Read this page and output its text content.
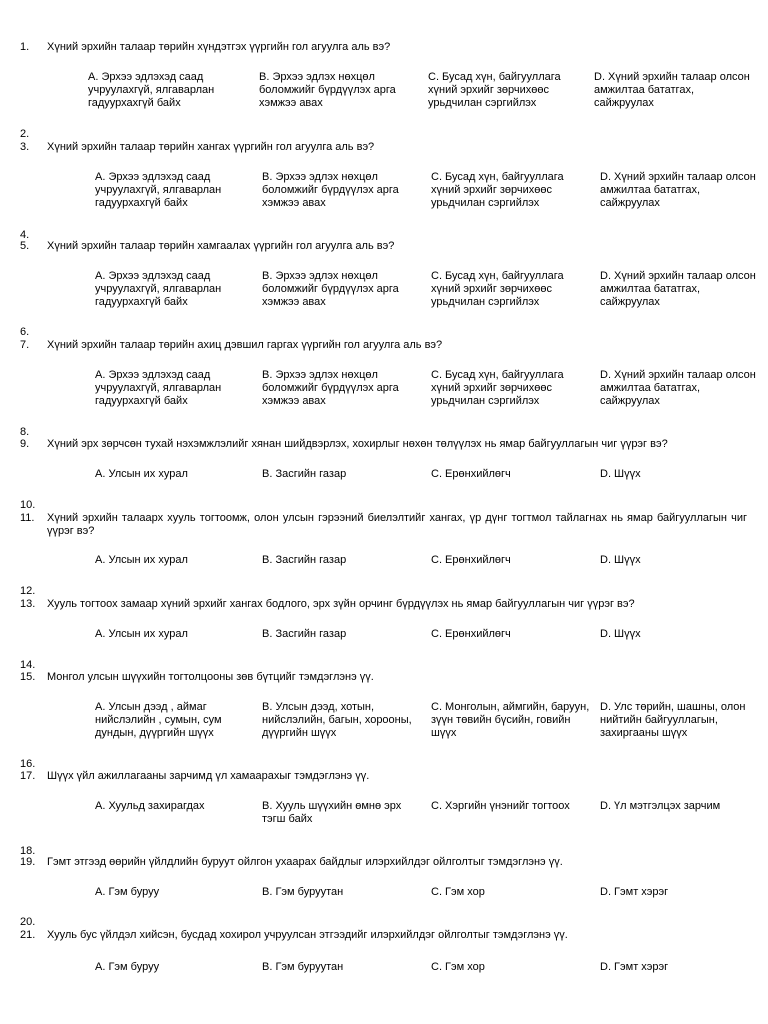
1. Хүний эрхийн талаар төрийн хүндэтгэх үүргийн гол агуулга аль вэ?
А. Эрхээ эдлэхэд саад учруулахгүй, ялгаварлан гадуурхахгүй байх
В. Эрхээ эдлэх нөхцөл боломжийг бүрдүүлэх арга хэмжээ авах
С. Бусад хүн, байгууллага хүний эрхийг зөрчихөөс урьдчилан сэргийлэх
D. Хүний эрхийн талаар олсон амжилтаа бататгах, сайжруулах
2.
3. Хүний эрхийн талаар төрийн хангах үүргийн гол агуулга аль вэ?
А. Эрхээ эдлэхэд саад учруулахгүй, ялгаварлан гадуурхахгүй байх
В. Эрхээ эдлэх нөхцөл боломжийг бүрдүүлэх арга хэмжээ авах
С. Бусад хүн, байгууллага хүний эрхийг зөрчихөөс урьдчилан сэргийлэх
D. Хүний эрхийн талаар олсон амжилтаа бататгах, сайжруулах
4.
5. Хүний эрхийн талаар төрийн хамгаалах үүргийн гол агуулга аль вэ?
А. Эрхээ эдлэхэд саад учруулахгүй, ялгаварлан гадуурхахгүй байх
В. Эрхээ эдлэх нөхцөл боломжийг бүрдүүлэх арга хэмжээ авах
С. Бусад хүн, байгууллага хүний эрхийг зөрчихөөс урьдчилан сэргийлэх
D. Хүний эрхийн талаар олсон амжилтаа бататгах, сайжруулах
6.
7. Хүний эрхийн талаар төрийн ахиц дэвшил гаргах үүргийн гол агуулга аль вэ?
А. Эрхээ эдлэхэд саад учруулахгүй, ялгаварлан гадуурхахгүй байх
В. Эрхээ эдлэх нөхцөл боломжийг бүрдүүлэх арга хэмжээ авах
С. Бусад хүн, байгууллага хүний эрхийг зөрчихөөс урьдчилан сэргийлэх
D. Хүний эрхийн талаар олсон амжилтаа бататгах, сайжруулах
8.
9. Хүний эрх зөрчсөн тухай нэхэмжлэлийг хянан шийдвэрлэх, хохирлыг нөхөн төлүүлэх нь ямар байгууллагын чиг үүрэг вэ?
А. Улсын их хурал	В. Засгийн газар	С. Ерөнхийлөгч	D. Шүүх
10.
11. Хүний эрхийн талаарх хууль тогтоомж, олон улсын гэрээний биелэлтийг хангах, үр дүнг тогтмол тайлагнах нь ямар байгууллагын чиг үүрэг вэ?
А. Улсын их хурал	В. Засгийн газар	С. Ерөнхийлөгч	D. Шүүх
12.
13. Хууль тогтоох замаар хүний эрхийг хангах бодлого, эрх зүйн орчинг бүрдүүлэх нь ямар байгууллагын чиг үүрэг вэ?
А. Улсын их хурал	В. Засгийн газар	С. Ерөнхийлөгч	D. Шүүх
14.
15. Монгол улсын шүүхийн тогтолцооны зөв бүтцийг тэмдэглэнэ үү.
А. Улсын дээд , аймаг нийслэлийн , сумын, сум дундын, дүүргийн шүүх
В. Улсын дээд, хотын, нийслэлийн, багын, хорооны, дүүргийн шүүх
С. Монголын, аймгийн, баруун, зүүн төвийн бүсийн, говийн шүүх
D. Улс төрийн, шашны, олон нийтийн байгууллагын, захиргааны шүүх
16.
17. Шүүх үйл ажиллагааны зарчимд үл хамаарахыг тэмдэглэнэ үү.
А. Хуульд захирагдах	В. Хууль шүүхийн өмнө эрх тэгш байх
С. Хэргийн үнэнийг тогтоох	D. Үл мэтгэлцэх зарчим
18.
19. Гэмт этгээд өөрийн үйлдлийн буруут ойлгон ухаарах байдлыг илэрхийлдэг ойлголтыг тэмдэглэнэ үү.
А. Гэм буруу	В. Гэм буруутан	С. Гэм хор	D. Гэмт хэрэг
20.
21. Хууль бус үйлдэл хийсэн, бусдад хохирол учруулсан этгээдийг илэрхийлдэг ойлголтыг тэмдэглэнэ үү.
А. Гэм буруу	В. Гэм буруутан	С. Гэм хор	D. Гэмт хэрэг
